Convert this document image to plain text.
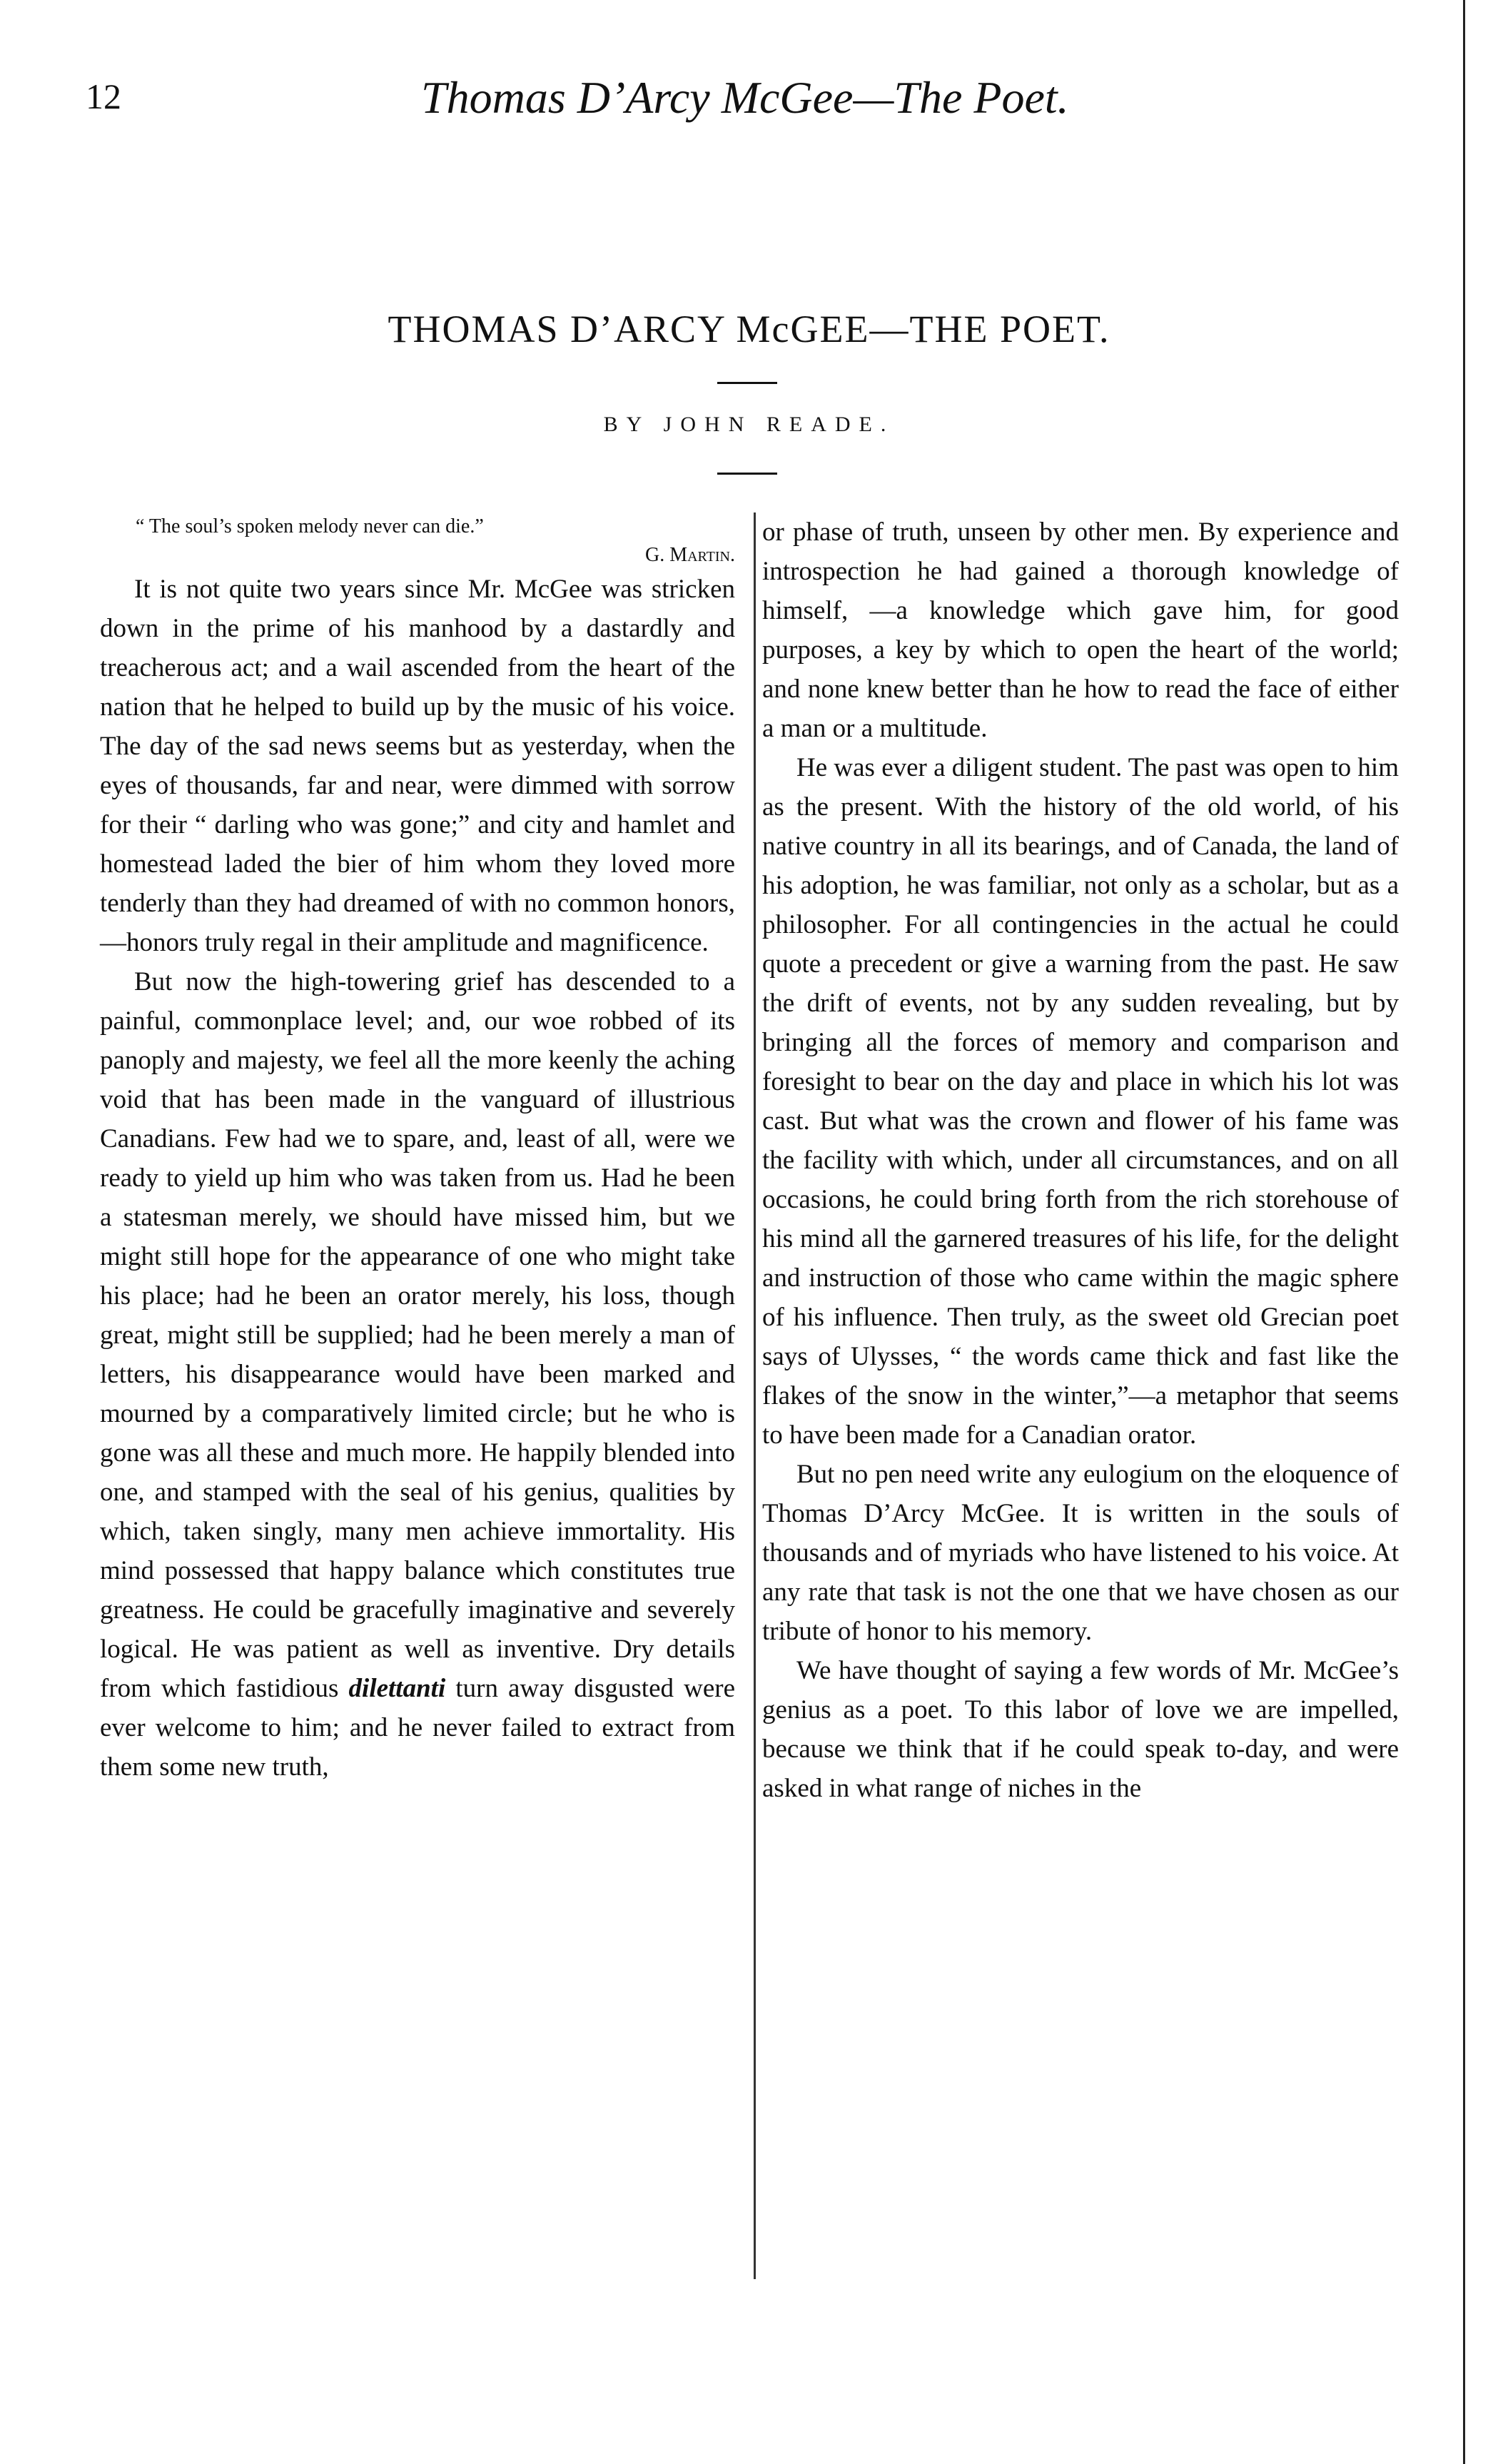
12	Thomas D’Arcy McGee—The Poet.
THOMAS D’ARCY McGEE—THE POET.
BY JOHN READE.

“ The soul’s spoken melody never can die.”

G. Martin.

It is not quite two years since Mr. McGee was stricken down in the prime of his manhood by a dastardly and treacherous act; and a wail ascended from the heart of the nation that he helped to build up by the music of his voice. The day of the sad news seems but as yesterday, when the eyes of thousands, far and near, were dimmed with sorrow for their “ darling who was gone;” and city and hamlet and homestead laded the bier of him whom they loved more tenderly than they had dreamed of with no common honors,—honors truly regal in their amplitude and magnificence.

But now the high-towering grief has descended to a painful, commonplace level; and, our woe robbed of its panoply and majesty, we feel all the more keenly the aching void that has been made in the vanguard of illustrious Canadians. Few had we to spare, and, least of all, were we ready to yield up him who was taken from us. Had he been a statesman merely, we should have missed him, but we might still hope for the appearance of one who might take his place; had he been an orator merely, his loss, though great, might still be supplied; had he been merely a man of letters, his disappearance would have been marked and mourned by a comparatively limited circle; but he who is gone was all these and much more. He happily blended into one, and stamped with the seal of his genius, qualities by which, taken singly, many men achieve immortality. His mind possessed that happy balance which constitutes true greatness. He could be gracefully imaginative and severely logical. He was patient as well as inventive. Dry details from which fastidious dilettanti turn away disgusted were ever welcome to him; and he never failed to extract from them some new truth,

or phase of truth, unseen by other men. By experience and introspection he had gained a thorough knowledge of himself, —a knowledge which gave him, for good purposes, a key by which to open the heart of the world; and none knew better than he how to read the face of either a man or a multitude.

He was ever a diligent student. The past was open to him as the present. With the history of the old world, of his native country in all its bearings, and of Canada, the land of his adoption, he was familiar, not only as a scholar, but as a philosopher. For all contingencies in the actual he could quote a precedent or give a warning from the past. He saw the drift of events, not by any sudden revealing, but by bringing all the forces of memory and comparison and foresight to bear on the day and place in which his lot was cast. But what was the crown and flower of his fame was the facility with which, under all circumstances, and on all occasions, he could bring forth from the rich storehouse of his mind all the garnered treasures of his life, for the delight and instruction of those who came within the magic sphere of his influence. Then truly, as the sweet old Grecian poet says of Ulysses, “ the words came thick and fast like the flakes of the snow in the winter,”—a metaphor that seems to have been made for a Canadian orator.

But no pen need write any eulogium on the eloquence of Thomas D’Arcy McGee. It is written in the souls of thousands and of myriads who have listened to his voice. At any rate that task is not the one that we have chosen as our tribute of honor to his memory.

We have thought of saying a few words of Mr. McGee’s genius as a poet. To this labor of love we are impelled, because we think that if he could speak to-day, and were asked in what range of niches in the
